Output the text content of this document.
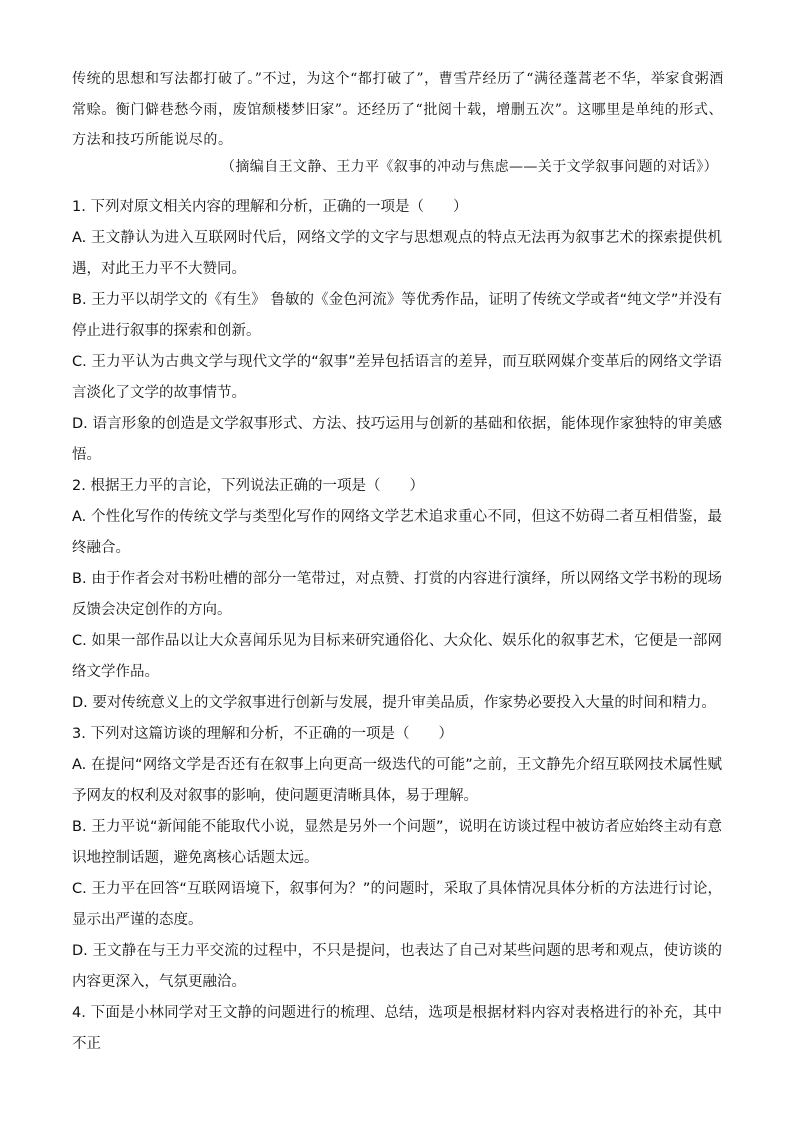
传统的思想和写法都打破了。”不过，为这个“都打破了”，曹雪芹经历了“满径蓬蒿老不华，举家食粥酒常赊。衡门僻巷愁今雨，废馆颓楼梦旧家”。还经历了“批阅十载，增删五次”。这哪里是单纯的形式、方法和技巧所能说尽的。

（摘编自王文静、王力平《叙事的冲动与焦虑——关于文学叙事问题的对话》）

1. 下列对原文相关内容的理解和分析，正确的一项是（　　）

A. 王文静认为进入互联网时代后，网络文学的文字与思想观点的特点无法再为叙事艺术的探索提供机遇，对此王力平不大赞同。

B. 王力平以胡学文的《有生》 鲁敏的《金色河流》等优秀作品，证明了传统文学或者“纯文学”并没有停止进行叙事的探索和创新。

C. 王力平认为古典文学与现代文学的“叙事”差异包括语言的差异，而互联网媒介变革后的网络文学语言淡化了文学的故事情节。

D. 语言形象的创造是文学叙事形式、方法、技巧运用与创新的基础和依据，能体现作家独特的审美感悟。

2. 根据王力平的言论，下列说法正确的一项是（　　）

A. 个性化写作的传统文学与类型化写作的网络文学艺术追求重心不同，但这不妨碍二者互相借鉴，最终融合。

B. 由于作者会对书粉吐槽的部分一笔带过，对点赞、打赏的内容进行演绎，所以网络文学书粉的现场反馈会决定创作的方向。

C. 如果一部作品以让大众喜闻乐见为目标来研究通俗化、大众化、娱乐化的叙事艺术，它便是一部网络文学作品。

D. 要对传统意义上的文学叙事进行创新与发展，提升审美品质，作家势必要投入大量的时间和精力。

3. 下列对这篇访谈的理解和分析，不正确的一项是（　　）

A. 在提问“网络文学是否还有在叙事上向更高一级迭代的可能”之前，王文静先介绍互联网技术属性赋予网友的权利及对叙事的影响，使问题更清晰具体，易于理解。

B. 王力平说“新闻能不能取代小说，显然是另外一个问题”，说明在访谈过程中被访者应始终主动有意识地控制话题，避免离核心话题太远。

C. 王力平在回答“互联网语境下，叙事何为？”的问题时，采取了具体情况具体分析的方法进行讨论，显示出严谨的态度。

D. 王文静在与王力平交流的过程中，不只是提问，也表达了自己对某些问题的思考和观点，使访谈的内容更深入，气氛更融洽。

4. 下面是小林同学对王文静的问题进行的梳理、总结，选项是根据材料内容对表格进行的补充，其中不正
